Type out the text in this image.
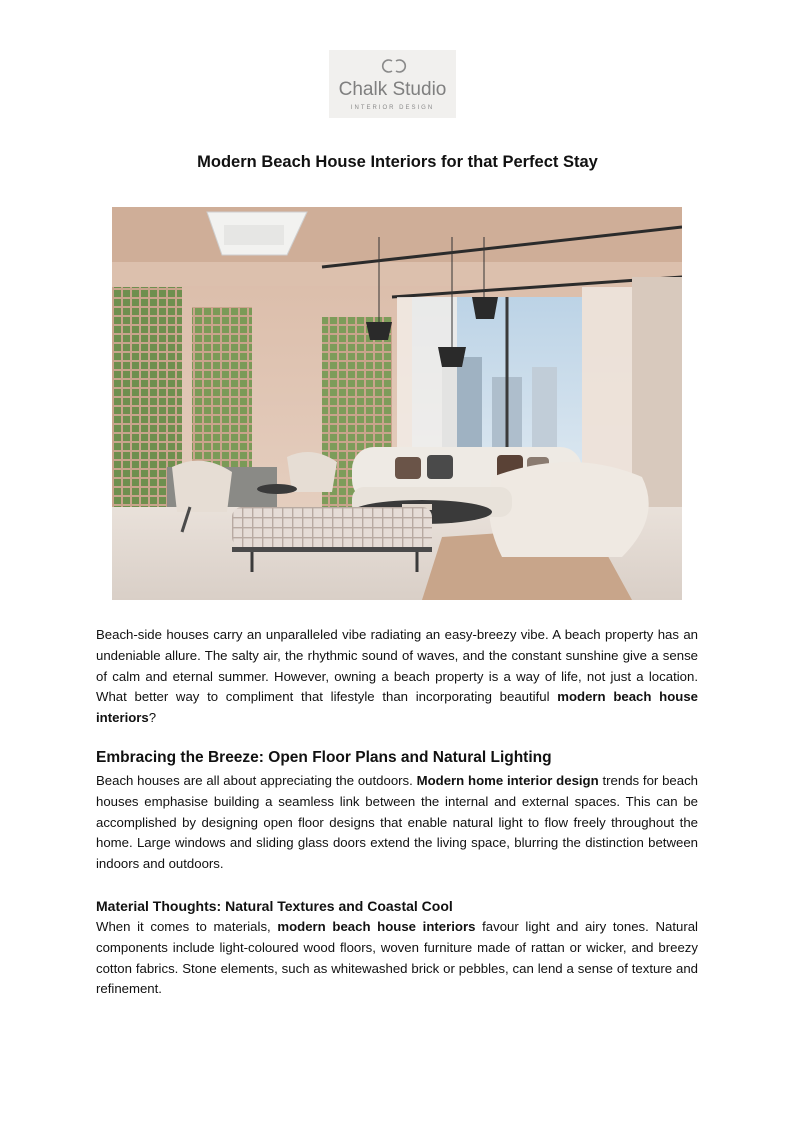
Chalk Studio
INTERIOR DESIGN
Modern Beach House Interiors for that Perfect Stay

Beach-side houses carry an unparalleled vibe radiating an easy-breezy vibe. A beach property has an undeniable allure. The salty air, the rhythmic sound of waves, and the constant sunshine give a sense of calm and eternal summer. However, owning a beach property is a way of life, not just a location. What better way to compliment that lifestyle than incorporating beautiful modern beach house interiors?

Embracing the Breeze: Open Floor Plans and Natural Lighting

Beach houses are all about appreciating the outdoors. Modern home interior design trends for beach houses emphasise building a seamless link between the internal and external spaces. This can be accomplished by designing open floor designs that enable natural light to flow freely throughout the home. Large windows and sliding glass doors extend the living space, blurring the distinction between indoors and outdoors.

Material Thoughts: Natural Textures and Coastal Cool

When it comes to materials, modern beach house interiors favour light and airy tones. Natural components include light-coloured wood floors, woven furniture made of rattan or wicker, and breezy cotton fabrics. Stone elements, such as whitewashed brick or pebbles, can lend a sense of texture and refinement.
